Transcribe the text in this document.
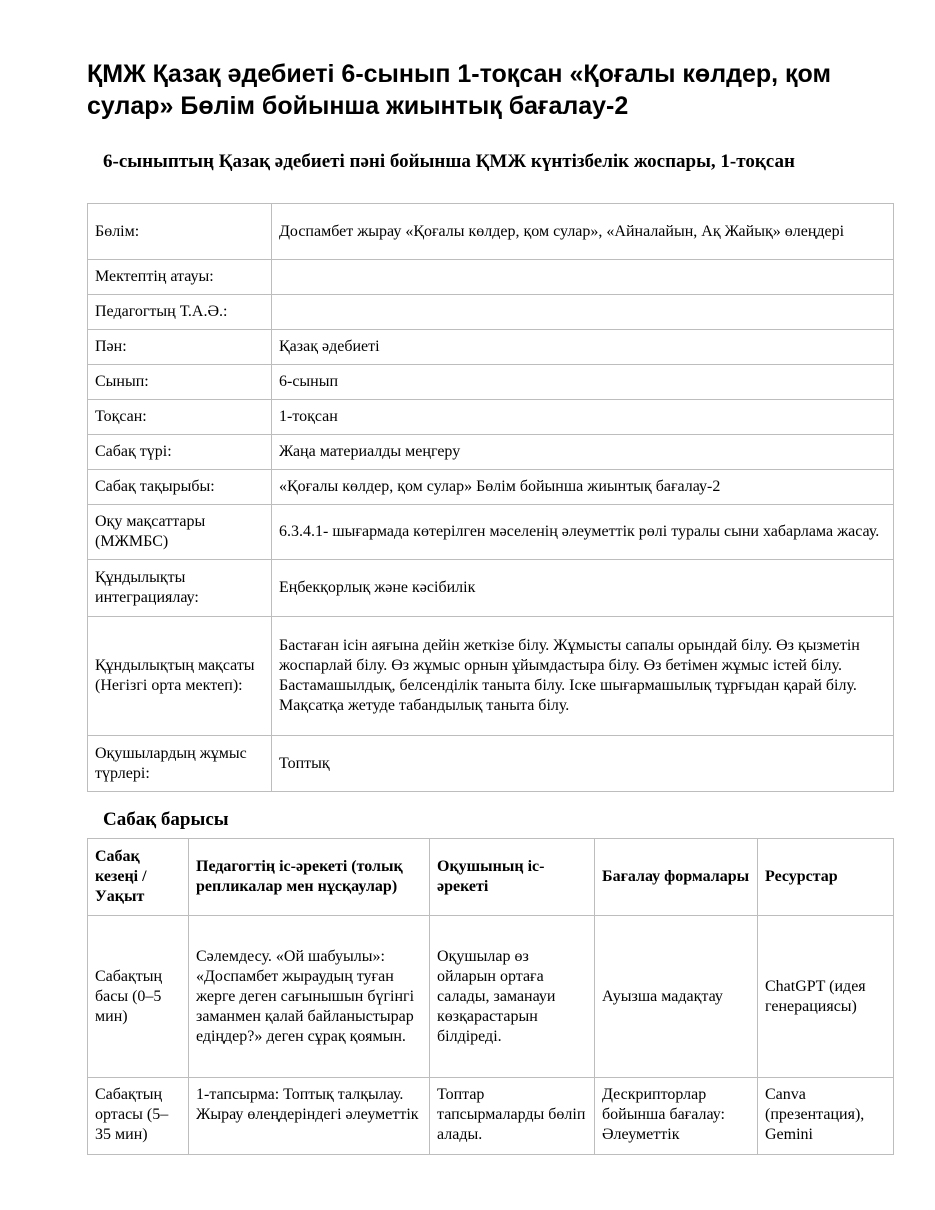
ҚМЖ Қазақ әдебиеті 6-сынып 1-тоқсан «Қоғалы көлдер, қом сулар» Бөлім бойынша жиынтық бағалау-2
6-сыныптың Қазақ әдебиеті пәні бойынша ҚМЖ күнтізбелік жоспары, 1-тоқсан
Бөлім:	Доспамбет жырау «Қоғалы көлдер, қом сулар», «Айналайын, Ақ Жайық» өлеңдері
Мектептің атауы:	
Педагогтың Т.А.Ә.:	
Пән:	Қазақ әдебиеті
Сынып:	6-сынып
Тоқсан:	1-тоқсан
Сабақ түрі:	Жаңа материалды меңгеру
Сабақ тақырыбы:	«Қоғалы көлдер, қом сулар» Бөлім бойынша жиынтық бағалау-2
Оқу мақсаттары (МЖМБС)	6.3.4.1- шығармада көтерілген мәселенің әлеуметтік рөлі туралы сыни хабарлама жасау.
Құндылықты интеграциялау:	Еңбекқорлық және кәсібилік
Құндылықтың мақсаты (Негізгі орта мектеп):	Бастаған ісін аяғына дейін жеткізе білу. Жұмысты сапалы орындай білу. Өз қызметін жоспарлай білу. Өз жұмыс орнын ұйымдастыра білу. Өз бетімен жұмыс істей білу. Бастамашылдық, белсенділік таныта білу. Іске шығармашылық тұрғыдан қарай білу. Мақсатқа жетуде табандылық таныта білу.
Оқушылардың жұмыс түрлері:	Топтық
Сабақ барысы
Сабақ кезеңі / Уақыт	Педагогтің іс-әрекеті (толық репликалар мен нұсқаулар)	Оқушының іс-әрекеті	Бағалау формалары	Ресурстар
Сабақтың басы (0–5 мин)	Сәлемдесу. «Ой шабуылы»: «Доспамбет жыраудың туған жерге деген сағынышын бүгінгі заманмен қалай байланыстырар едіңдер?» деген сұрақ қоямын.	Оқушылар өз ойларын ортаға салады, заманауи көзқарастарын білдіреді.	Ауызша мадақтау	ChatGPT (идея генерациясы)
Сабақтың ортасы (5–35 мин)	1-тапсырма: Топтық талқылау. Жырау өлеңдеріндегі әлеуметтік	Топтар тапсырмаларды бөліп алады.	Дескрипторлар бойынша бағалау: Әлеуметтік	Canva (презентация), Gemini
